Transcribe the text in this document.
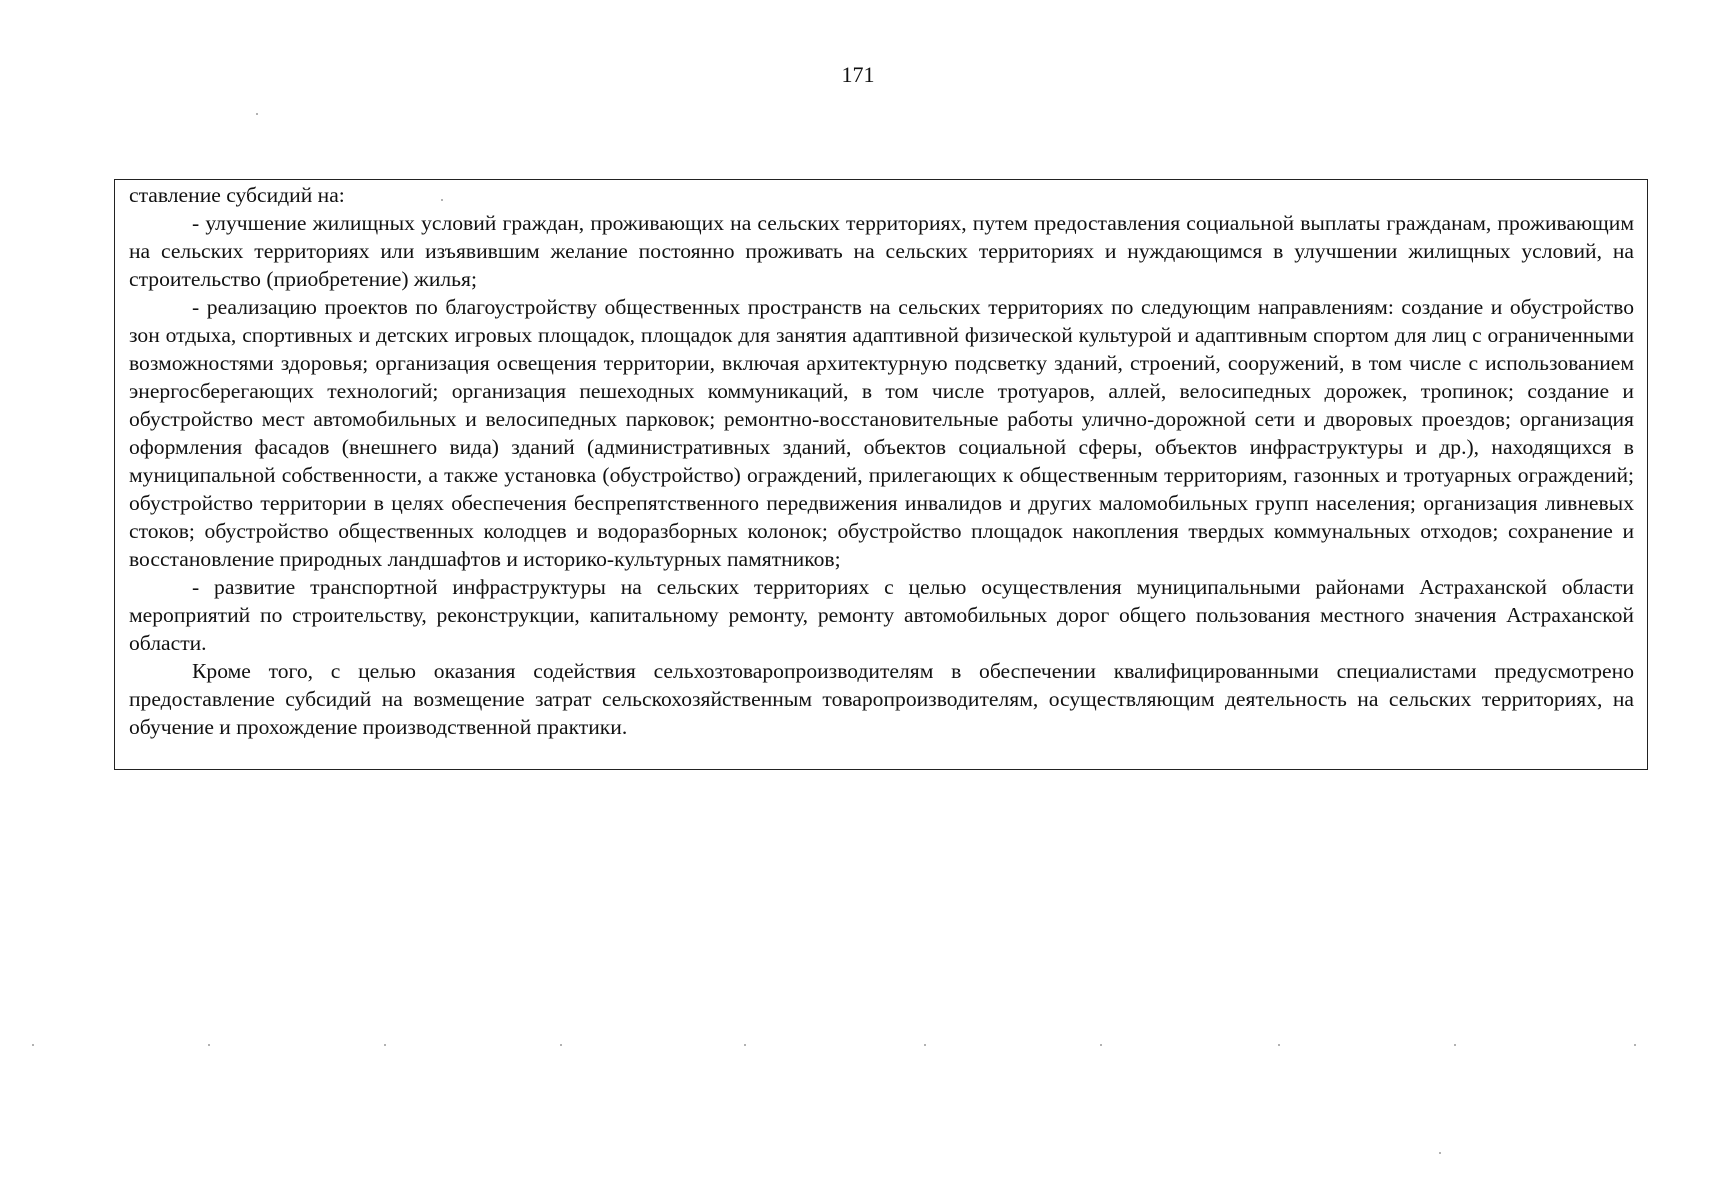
171

ставление субсидий на:

- улучшение жилищных условий граждан, проживающих на сельских территориях, путем предоставления социальной выплаты гражданам, проживающим на сельских территориях или изъявившим желание постоянно проживать на сельских территориях и нуждающимся в улучшении жилищных условий, на строительство (приобретение) жилья;

- реализацию проектов по благоустройству общественных пространств на сельских территориях по следующим направлениям: создание и обустройство зон отдыха, спортивных и детских игровых площадок, площадок для занятия адаптивной физической культурой и адаптивным спортом для лиц с ограниченными возможностями здоровья; организация освещения территории, включая архитектурную подсветку зданий, строений, сооружений, в том числе с использованием энергосберегающих технологий; организация пешеходных коммуникаций, в том числе тротуаров, аллей, велосипедных дорожек, тропинок; создание и обустройство мест автомобильных и велосипедных парковок; ремонтно-восстановительные работы улично-дорожной сети и дворовых проездов; организация оформления фасадов (внешнего вида) зданий (административных зданий, объектов социальной сферы, объектов инфраструктуры и др.), находящихся в муниципальной собственности, а также установка (обустройство) ограждений, прилегающих к общественным территориям, газонных и тротуарных ограждений; обустройство территории в целях обеспечения беспрепятственного передвижения инвалидов и других маломобильных групп населения; организация ливневых стоков; обустройство общественных колодцев и водоразборных колонок; обустройство площадок накопления твердых коммунальных отходов; сохранение и восстановление природных ландшафтов и историко-культурных памятников;

- развитие транспортной инфраструктуры на сельских территориях с целью осуществления муниципальными районами Астраханской области мероприятий по строительству, реконструкции, капитальному ремонту, ремонту автомобильных дорог общего пользования местного значения Астраханской области.

Кроме того, с целью оказания содействия сельхозтоваропроизводителям в обеспечении квалифицированными специалистами предусмотрено предоставление субсидий на возмещение затрат сельскохозяйственным товаропроизводителям, осуществляющим деятельность на сельских территориях, на обучение и прохождение производственной практики.
